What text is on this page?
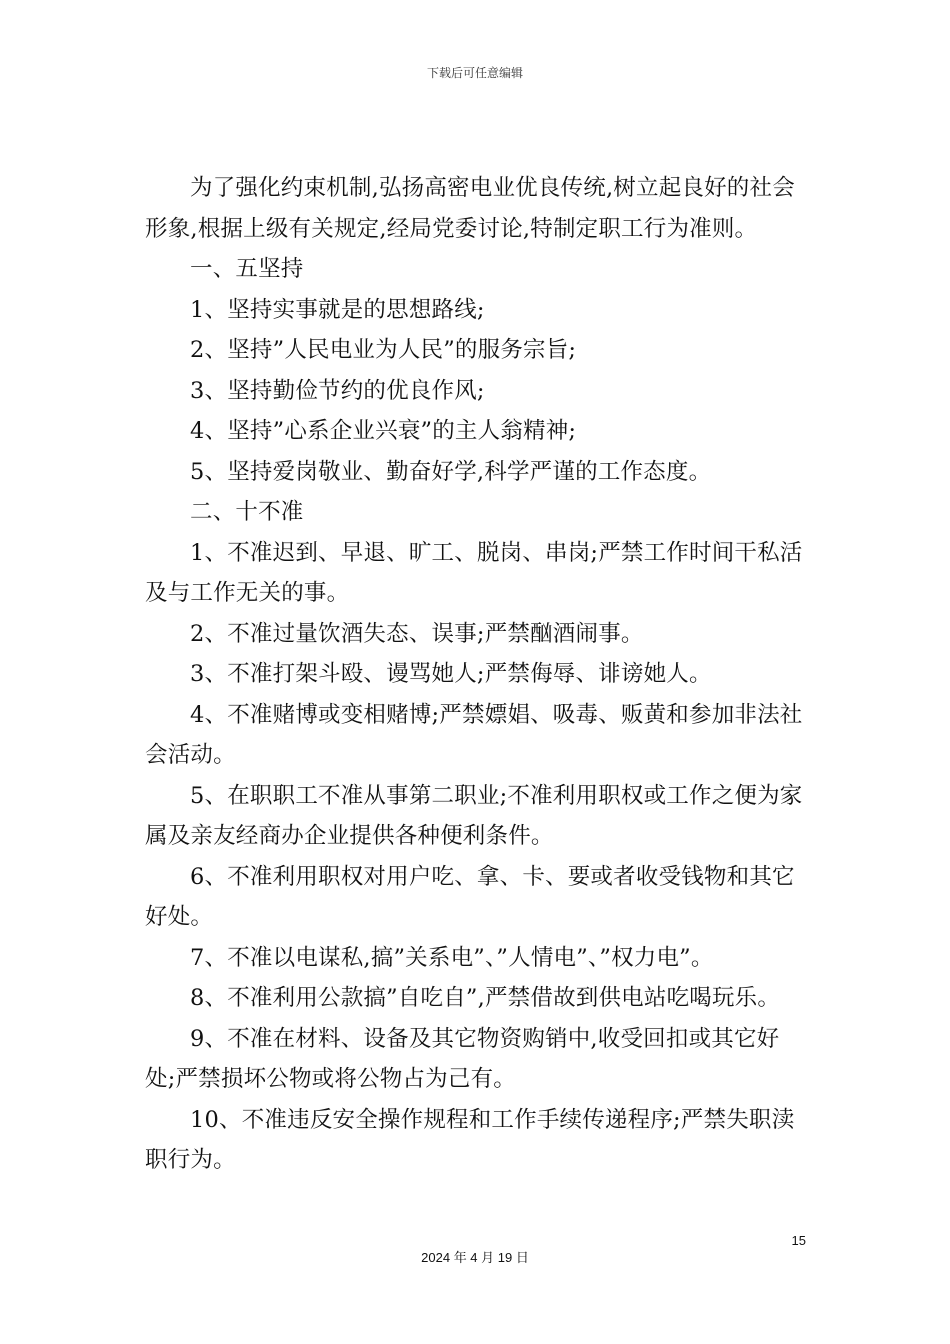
下载后可任意编辑

为了强化约束机制,弘扬高密电业优良传统,树立起良好的社会形象,根据上级有关规定,经局党委讨论,特制定职工行为准则。

一、五坚持

1、坚持实事就是的思想路线;

2、坚持”人民电业为人民”的服务宗旨;

3、坚持勤俭节约的优良作风;

4、坚持”心系企业兴衰”的主人翁精神;

5、坚持爱岗敬业、勤奋好学,科学严谨的工作态度。

二、十不准

1、不准迟到、早退、旷工、脱岗、串岗;严禁工作时间干私活及与工作无关的事。

2、不准过量饮酒失态、误事;严禁酗酒闹事。

3、不准打架斗殴、谩骂她人;严禁侮辱、诽谤她人。

4、不准赌博或变相赌博;严禁嫖娼、吸毒、贩黄和参加非法社会活动。

5、在职职工不准从事第二职业;不准利用职权或工作之便为家属及亲友经商办企业提供各种便利条件。

6、不准利用职权对用户吃、拿、卡、要或者收受钱物和其它好处。

7、不准以电谋私,搞”关系电”、”人情电”、”权力电”。

8、不准利用公款搞”自吃自”,严禁借故到供电站吃喝玩乐。

9、不准在材料、设备及其它物资购销中,收受回扣或其它好处;严禁损坏公物或将公物占为己有。

10、不准违反安全操作规程和工作手续传递程序;严禁失职渎职行为。

15
2024 年 4 月 19 日
